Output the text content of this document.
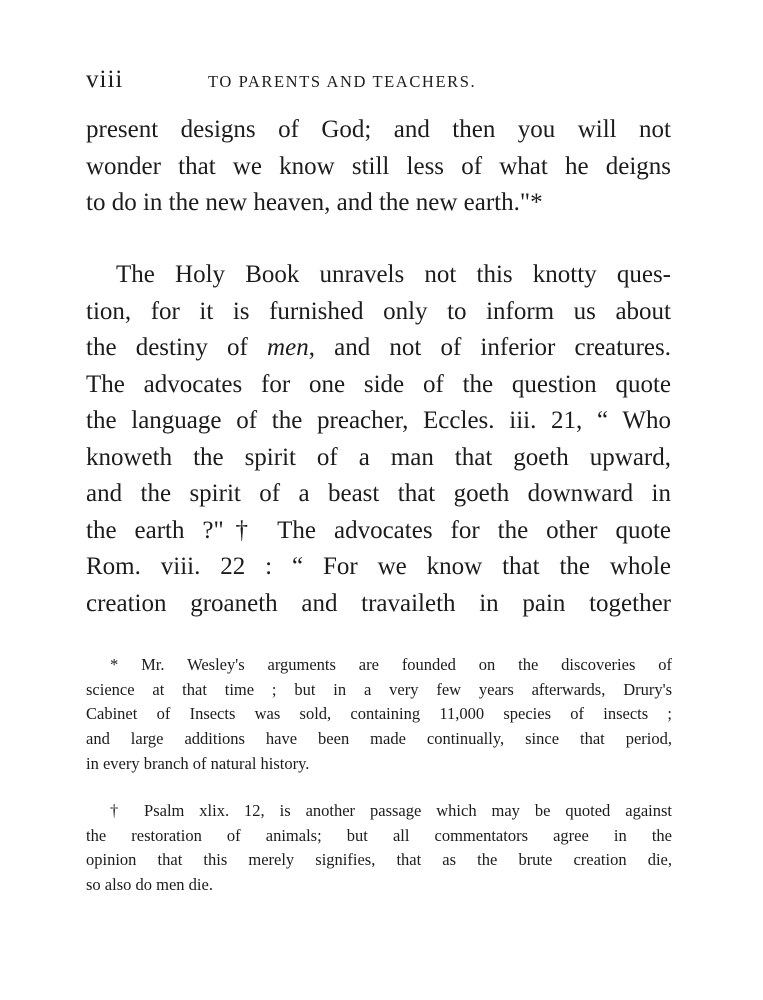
viii	TO PARENTS AND TEACHERS.
present designs of God; and then you will not
wonder that we know still less of what he deigns
to do in the new heaven, and the new earth."*
The Holy Book unravels not this knotty ques-
tion, for it is furnished only to inform us about
the destiny of men, and not of inferior creatures.
The advocates for one side of the question quote
the language of the preacher, Eccles. iii. 21, “ Who
knoweth the spirit of a man that goeth upward,
and the spirit of a beast that goeth downward in
the earth ?"† The advocates for the other quote
Rom. viii. 22 : “ For we know that the whole
creation groaneth and travaileth in pain together
* Mr. Wesley's arguments are founded on the discoveries of
science at that time ; but in a very few years afterwards, Drury's
Cabinet of Insects was sold, containing 11,000 species of insects ;
and large additions have been made continually, since that period,
in every branch of natural history.
† Psalm xlix. 12, is another passage which may be quoted against
the restoration of animals; but all commentators agree in the
opinion that this merely signifies, that as the brute creation die,
so also do men die.
